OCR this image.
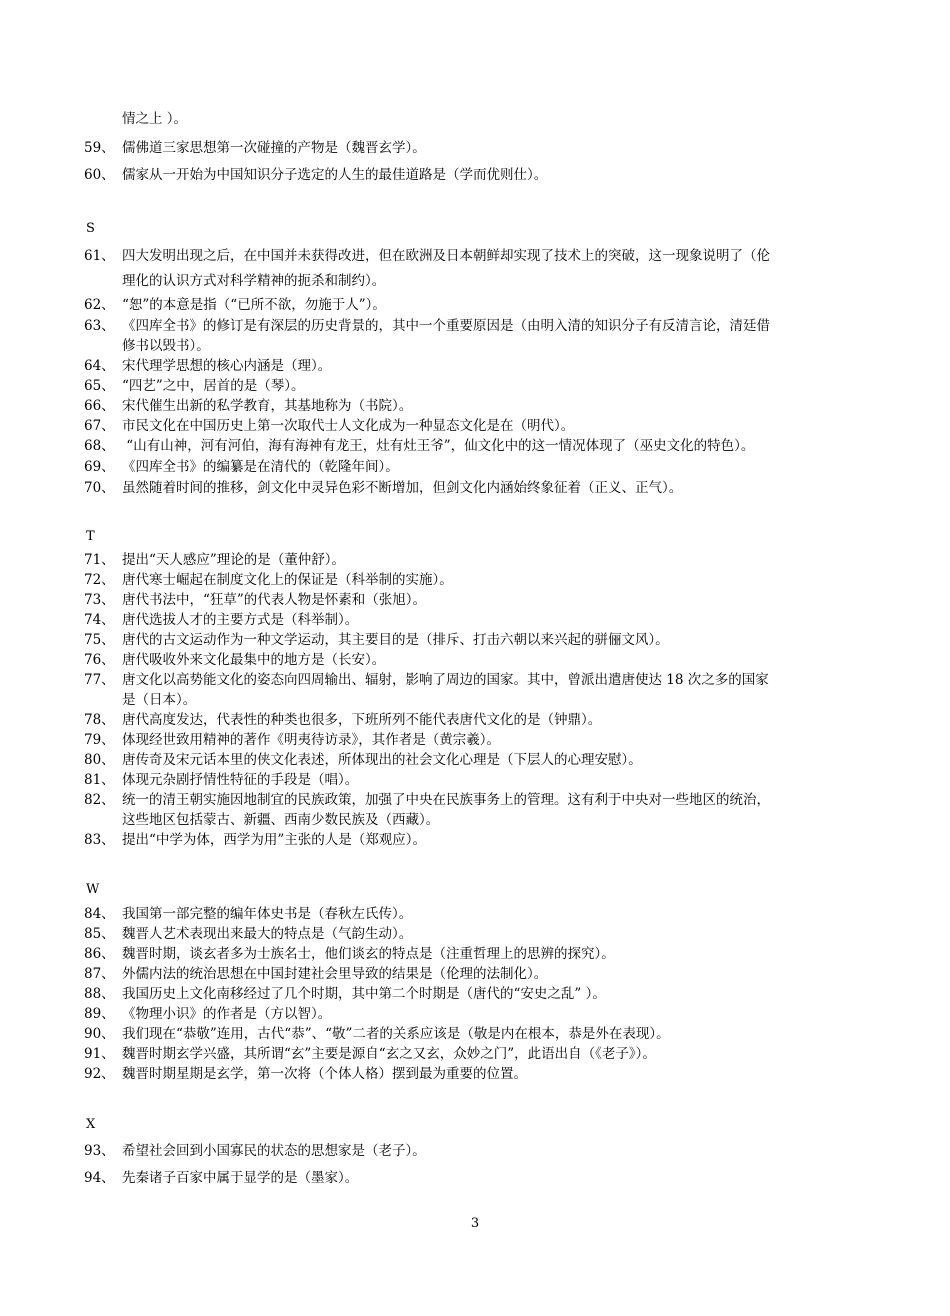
情之上 ）。
59、 儒佛道三家思想第一次碰撞的产物是（魏晋玄学）。
60、 儒家从一开始为中国知识分子选定的人生的最佳道路是（学而优则仕）。
S
61、 四大发明出现之后，在中国并未获得改进，但在欧洲及日本朝鲜却实现了技术上的突破，这一现象说明了（伦
理化的认识方式对科学精神的扼杀和制约）。
62、 “恕”的本意是指（“已所不欲，勿施于人”）。
63、 《四库全书》的修订是有深层的历史背景的，其中一个重要原因是（由明入清的知识分子有反清言论，清廷借
修书以毁书）。
64、 宋代理学思想的核心内涵是（理）。
65、 “四艺”之中，居首的是（琴）。
66、 宋代催生出新的私学教育，其基地称为（书院）。
67、 市民文化在中国历史上第一次取代士人文化成为一种显态文化是在（明代）。
68、 “山有山神，河有河伯，海有海神有龙王，灶有灶王爷”，仙文化中的这一情况体现了（巫史文化的特色）。
69、 《四库全书》的编纂是在清代的（乾隆年间）。
70、 虽然随着时间的推移，剑文化中灵异色彩不断增加，但剑文化内涵始终象征着（正义、正气）。
T
71、 提出“天人感应”理论的是（董仲舒）。
72、 唐代寒士崛起在制度文化上的保证是（科举制的实施）。
73、 唐代书法中，“狂草”的代表人物是怀素和（张旭）。
74、 唐代选拔人才的主要方式是（科举制）。
75、 唐代的古文运动作为一种文学运动，其主要目的是（排斥、打击六朝以来兴起的骈俪文风）。
76、 唐代吸收外来文化最集中的地方是（长安）。
77、 唐文化以高势能文化的姿态向四周输出、辐射，影响了周边的国家。其中，曾派出遣唐使达 18 次之多的国家
是（日本）。
78、 唐代高度发达，代表性的种类也很多，下班所列不能代表唐代文化的是（钟鼎）。
79、 体现经世致用精神的著作《明夷待访录》，其作者是（黄宗羲）。
80、 唐传奇及宋元话本里的侠文化表述，所体现出的社会文化心理是（下层人的心理安慰）。
81、 体现元杂剧抒情性特征的手段是（唱）。
82、 统一的清王朝实施因地制宜的民族政策，加强了中央在民族事务上的管理。这有利于中央对一些地区的统治，
这些地区包括蒙古、新疆、西南少数民族及（西藏）。
83、 提出“中学为体，西学为用”主张的人是（郑观应）。
W
84、 我国第一部完整的编年体史书是（春秋左氏传）。
85、 魏晋人艺术表现出来最大的特点是（气韵生动）。
86、 魏晋时期，谈玄者多为士族名士，他们谈玄的特点是（注重哲理上的思辨的探究）。
87、 外儒内法的统治思想在中国封建社会里导致的结果是（伦理的法制化）。
88、 我国历史上文化南移经过了几个时期，其中第二个时期是（唐代的“安史之乱” ）。
89、 《物理小识》的作者是（方以智）。
90、 我们现在“恭敬”连用，古代“恭”、“敬”二者的关系应该是（敬是内在根本，恭是外在表现）。
91、 魏晋时期玄学兴盛，其所谓“玄”主要是源自“玄之又玄，众妙之门”，此语出自（《老子》）。
92、 魏晋时期星期是玄学，第一次将（个体人格）摆到最为重要的位置。
X
93、 希望社会回到小国寡民的状态的思想家是（老子）。
94、 先秦诸子百家中属于显学的是（墨家）。
3
